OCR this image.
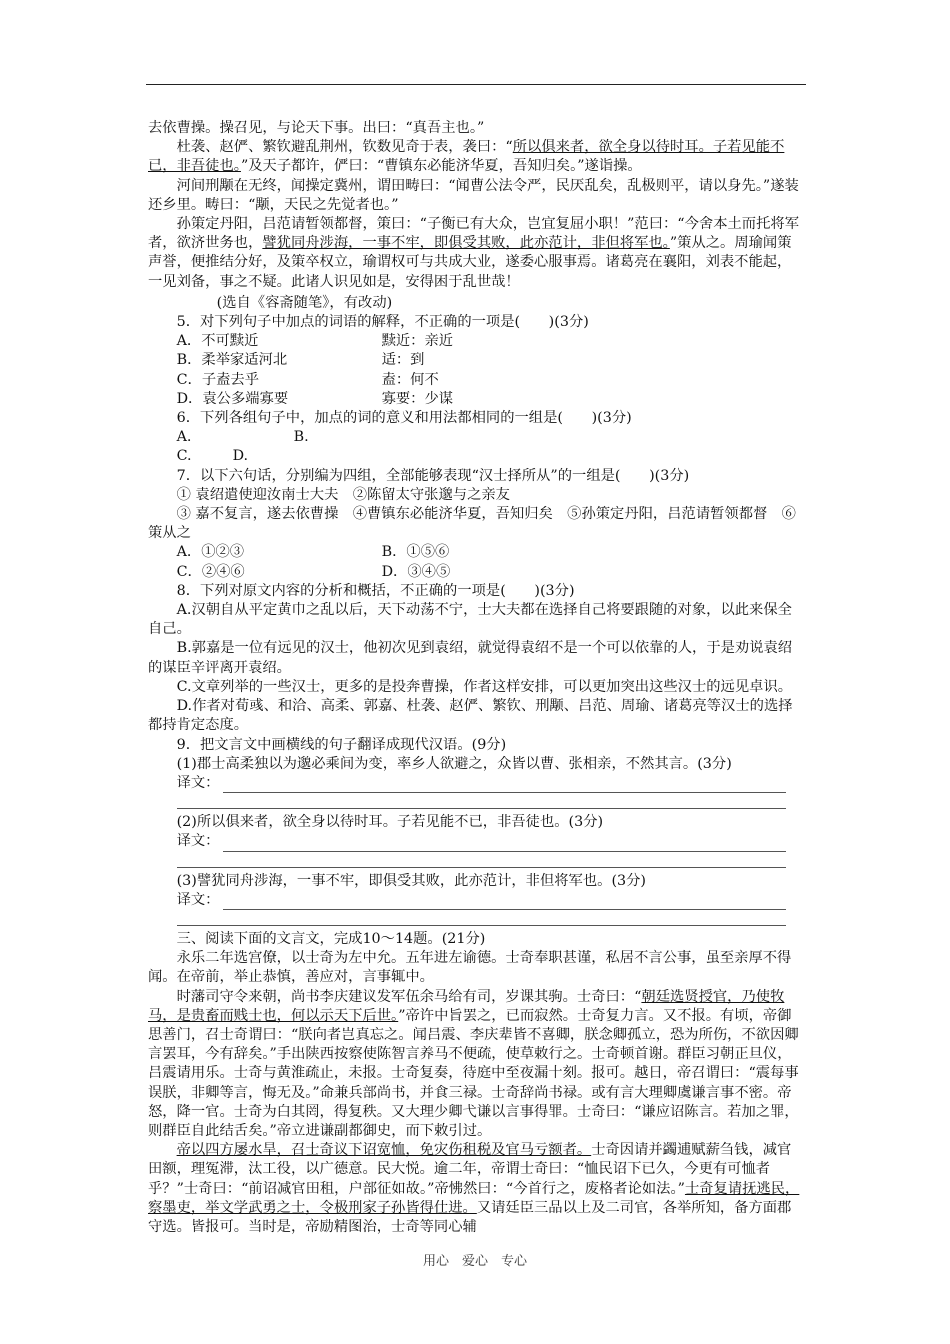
去依曹操。操召见，与论天下事。出曰：“真吾主也。”

杜袭、赵俨、繁钦避乱荆州，钦数见奇于表，袭曰：“所以俱来者，欲全身以待时耳。子若见能不已，非吾徒也。”及天子都许，俨曰：“曹镇东必能济华夏，吾知归矣。”遂诣操。

河间刑颙在无终，闻操定冀州，谓田畴曰：“闻曹公法令严，民厌乱矣，乱极则平，请以身先。”遂装还乡里。畴曰：“颙，天民之先觉者也。”

孙策定丹阳，吕范请暂领都督，策曰：“子衡已有大众，岂宜复屈小职！”范曰：“今舍本土而托将军者，欲济世务也，譬犹同舟涉海，一事不牢，即俱受其败，此亦范计，非但将军也。”策从之。周瑜闻策声誉，便推结分好，及策卒权立，瑜谓权可与共成大业，遂委心服事焉。诸葛亮在襄阳，刘表不能起，一见刘备，事之不疑。此诸人识见如是，安得困于乱世哉！

(选自《容斋随笔》，有改动)

5．对下列句子中加点的词语的解释，不正确的一项是(　　)(3分)

A．不可黩近	黩近：亲近
B．柔举家适河北	适：到
C．子盍去乎	盍：何不
D．袁公多端寡要	寡要：少谋

6．下列各组句子中，加点的词的意义和用法都相同的一组是(　　)(3分)

A.	B.
C.	D.

7．以下六句话，分别编为四组，全部能够表现“汉士择所从”的一组是(　　)(3分)

① 袁绍遣使迎汝南士大夫　②陈留太守张邈与之亲友

③ 嘉不复言，遂去依曹操　④曹镇东必能济华夏，吾知归矣　⑤孙策定丹阳，吕范请暂领都督　⑥策从之

A．①②③	B．①⑤⑥
C．②④⑥	D．③④⑤

8．下列对原文内容的分析和概括，不正确的一项是(　　)(3分)

A.汉朝自从平定黄巾之乱以后，天下动荡不宁，士大夫都在选择自己将要跟随的对象，以此来保全自己。

B.郭嘉是一位有远见的汉士，他初次见到袁绍，就觉得袁绍不是一个可以依靠的人，于是劝说袁绍的谋臣辛评离开袁绍。

C.文章列举的一些汉士，更多的是投奔曹操，作者这样安排，可以更加突出这些汉士的远见卓识。

D.作者对荀彧、和洽、高柔、郭嘉、杜袭、赵俨、繁钦、刑颙、吕范、周瑜、诸葛亮等汉士的选择都持肯定态度。

9．把文言文中画横线的句子翻译成现代汉语。(9分)

(1)郡士高柔独以为邈必乘间为变，率乡人欲避之，众皆以曹、张相亲，不然其言。(3分)

译文：

(2)所以俱来者，欲全身以待时耳。子若见能不已，非吾徒也。(3分)

译文：

(3)譬犹同舟涉海，一事不牢，即俱受其败，此亦范计，非但将军也。(3分)

译文：

三、阅读下面的文言文，完成10～14题。(21分)

永乐二年选宫僚，以士奇为左中允。五年进左谕德。士奇奉职甚谨，私居不言公事，虽至亲厚不得闻。在帝前，举止恭慎，善应对，言事辄中。

时藩司守令来朝，尚书李庆建议发军伍余马给有司，岁课其驹。士奇曰：“朝廷选贤授官，乃使牧马，是贵畜而贱士也，何以示天下后世。”帝许中旨罢之，已而寂然。士奇复力言。又不报。有顷，帝御思善门，召士奇谓曰：“朕向者岂真忘之。闻吕震、李庆辈皆不喜卿，朕念卿孤立，恐为所伤，不欲因卿言罢耳，今有辞矣。”手出陕西按察使陈智言养马不便疏，使草敕行之。士奇顿首谢。群臣习朝正旦仪，吕震请用乐。士奇与黄淮疏止，未报。士奇复奏，待庭中至夜漏十刻。报可。越日，帝召谓曰：“震每事误朕，非卿等言，悔无及。”命兼兵部尚书，并食三禄。士奇辞尚书禄。或有言大理卿虞谦言事不密。帝怒，降一官。士奇为白其罔，得复秩。又大理少卿弋谦以言事得罪。士奇曰：“谦应诏陈言。若加之罪，则群臣自此结舌矣。”帝立进谦副都御史，而下敕引过。

帝以四方屡水旱，召士奇议下诏宽恤，免灾伤租税及官马亏额者。士奇因请并蠲逋赋薪刍钱，减官田额，理冤滞，汰工役，以广德意。民大悦。逾二年，帝谓士奇曰：“恤民诏下已久，今更有可恤者乎？”士奇曰：“前诏减官田租，户部征如故。”帝怫然曰：“今首行之，废格者论如法。”士奇复请抚逃民，察墨吏，举文学武勇之士，令极刑家子孙皆得仕进。又请廷臣三品以上及二司官，各举所知，备方面郡守选。皆报可。当时是，帝励精图治，士奇等同心辅

用心　爱心　专心
